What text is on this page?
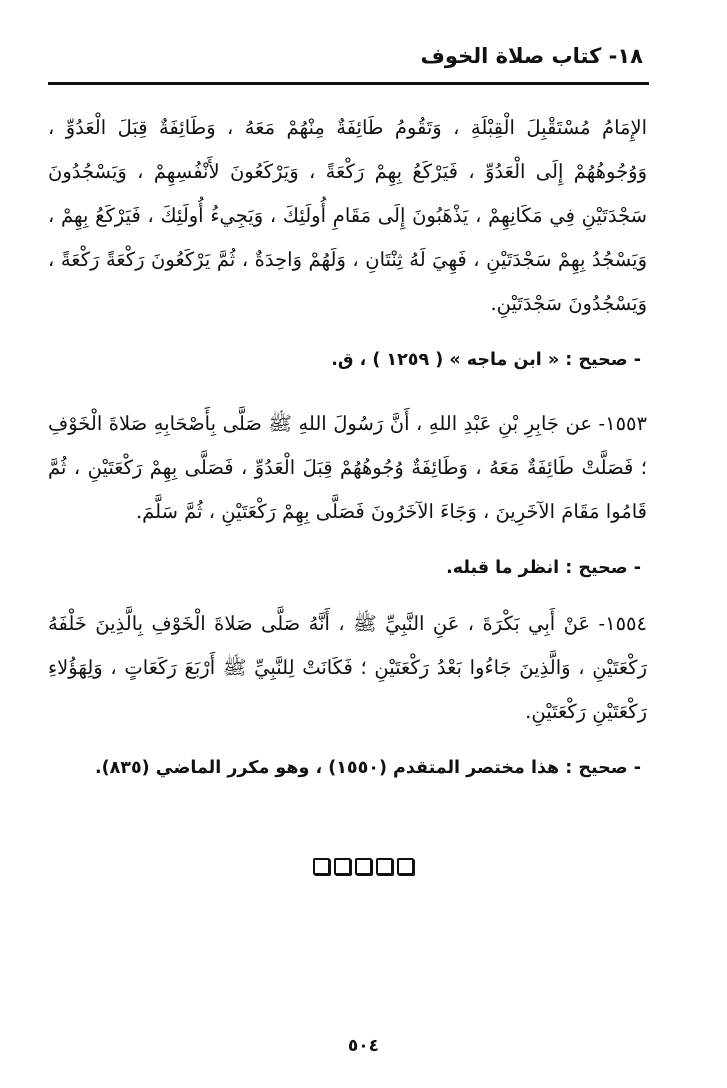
١٨- كتاب صلاة الخوف

الإِمَامُ مُسْتَقْبِلَ الْقِبْلَةِ ، وَتَقُومُ طَائِفَةٌ مِنْهُمْ مَعَهُ ، وَطَائِفَةٌ قِبَلَ الْعَدُوِّ ، وَوُجُوهُهُمْ إِلَى الْعَدُوِّ ، فَيَرْكَعُ بِهِمْ رَكْعَةً ، وَيَرْكَعُونَ لأَنْفُسِهِمْ ، وَيَسْجُدُونَ سَجْدَتَيْنِ فِي مَكَانِهِمْ ، يَذْهَبُونَ إِلَى مَقَامِ أُولَئِكَ ، وَيَجِيءُ أُولَئِكَ ، فَيَرْكَعُ بِهِمْ ، وَيَسْجُدُ بِهِمْ سَجْدَتَيْنِ ، فَهِيَ لَهُ ثِنْتَانِ ، وَلَهُمْ وَاحِدَةٌ ، ثُمَّ يَرْكَعُونَ رَكْعَةً رَكْعَةً ، وَيَسْجُدُونَ سَجْدَتَيْنِ.

- صحيح : « ابن ماجه » ( ١٢٥٩ ) ، ق.

١٥٥٣- عن جَابِرِ بْنِ عَبْدِ اللهِ ، أَنَّ رَسُولَ اللهِ ﷺ صَلَّى بِأَصْحَابِهِ صَلاةَ الْخَوْفِ ؛ فَصَلَّتْ طَائِفَةٌ مَعَهُ ، وَطَائِفَةٌ وُجُوهُهُمْ قِبَلَ الْعَدُوِّ ، فَصَلَّى بِهِمْ رَكْعَتَيْنِ ، ثُمَّ قَامُوا مَقَامَ الآخَرِينَ ، وَجَاءَ الآخَرُونَ فَصَلَّى بِهِمْ رَكْعَتَيْنِ ، ثُمَّ سَلَّمَ.

- صحيح : انظر ما قبله.

١٥٥٤- عَنْ أَبِي بَكْرَةَ ، عَنِ النَّبِيِّ ﷺ ، أَنَّهُ صَلَّى صَلاةَ الْخَوْفِ بِالَّذِينَ خَلْفَهُ رَكْعَتَيْنِ ، وَالَّذِينَ جَاءُوا بَعْدُ رَكْعَتَيْنِ ؛ فَكَانَتْ لِلنَّبِيِّ ﷺ أَرْبَعَ رَكَعَاتٍ ، وَلِهَؤُلاءِ رَكْعَتَيْنِ رَكْعَتَيْنِ.

- صحيح : هذا مختصر المتقدم (١٥٥٠) ، وهو مكرر الماضي (٨٣٥).

٥٠٤
